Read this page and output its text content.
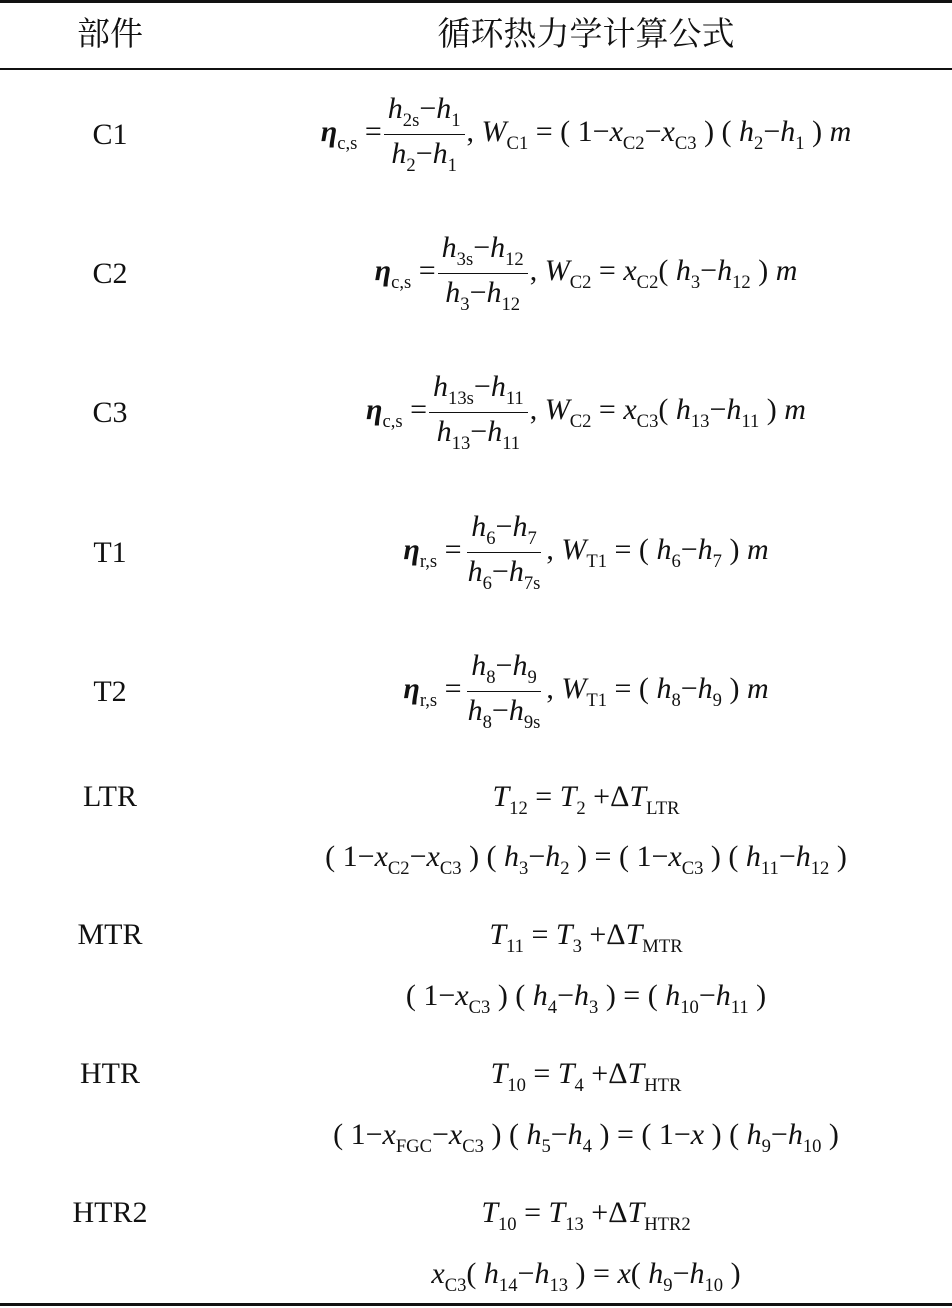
部件	循环热力学计算公式
C1	$\eta_{c,s} = \frac{h_{2s}-h_1}{h_2-h_1}$ , $W_{C1}$ = ( $1-x_{C2}-x_{C3}$ ) ( $h_2-h_1$ ) m
C2	$\eta_{c,s} = \frac{h_{3s}-h_{12}}{h_3-h_{12}}$ , $W_{C2} = x_{C2}$( $h_3-h_{12}$ ) m
C3	$\eta_{c,s} = \frac{h_{13s}-h_{11}}{h_{13}-h_{11}}$ , $W_{C2} = x_{C3}$( $h_{13}-h_{11}$ ) m
T1	$\eta_{r,s} = \frac{h_6-h_7}{h_6-h_{7s}}$ , $W_{T1}$ = ( $h_6-h_7$ ) m
T2	$\eta_{r,s} = \frac{h_8-h_9}{h_8-h_{9s}}$ , $W_{T1}$ = ( $h_8-h_9$ ) m
LTR	$T_{12} = T_2 +\Delta T_{LTR}$
( $1-x_{C2}-x_{C3}$ ) ( $h_3-h_2$ ) = ( $1-x_{C3}$ ) ( $h_{11}-h_{12}$ )
MTR	$T_{11} = T_3 +\Delta T_{MTR}$
( $1-x_{C3}$ ) ( $h_4-h_3$ ) = ( $h_{10}-h_{11}$ )
HTR	$T_{10} = T_4 +\Delta T_{HTR}$
( $1-x_{FGC}-x_{C3}$ ) ( $h_5-h_4$ ) = ( 1−x ) ( $h_9-h_{10}$ )
HTR2	$T_{10} = T_{13} +\Delta T_{HTR2}$
$x_{C3}$( $h_{14}-h_{13}$ ) = x( $h_9-h_{10}$ )
